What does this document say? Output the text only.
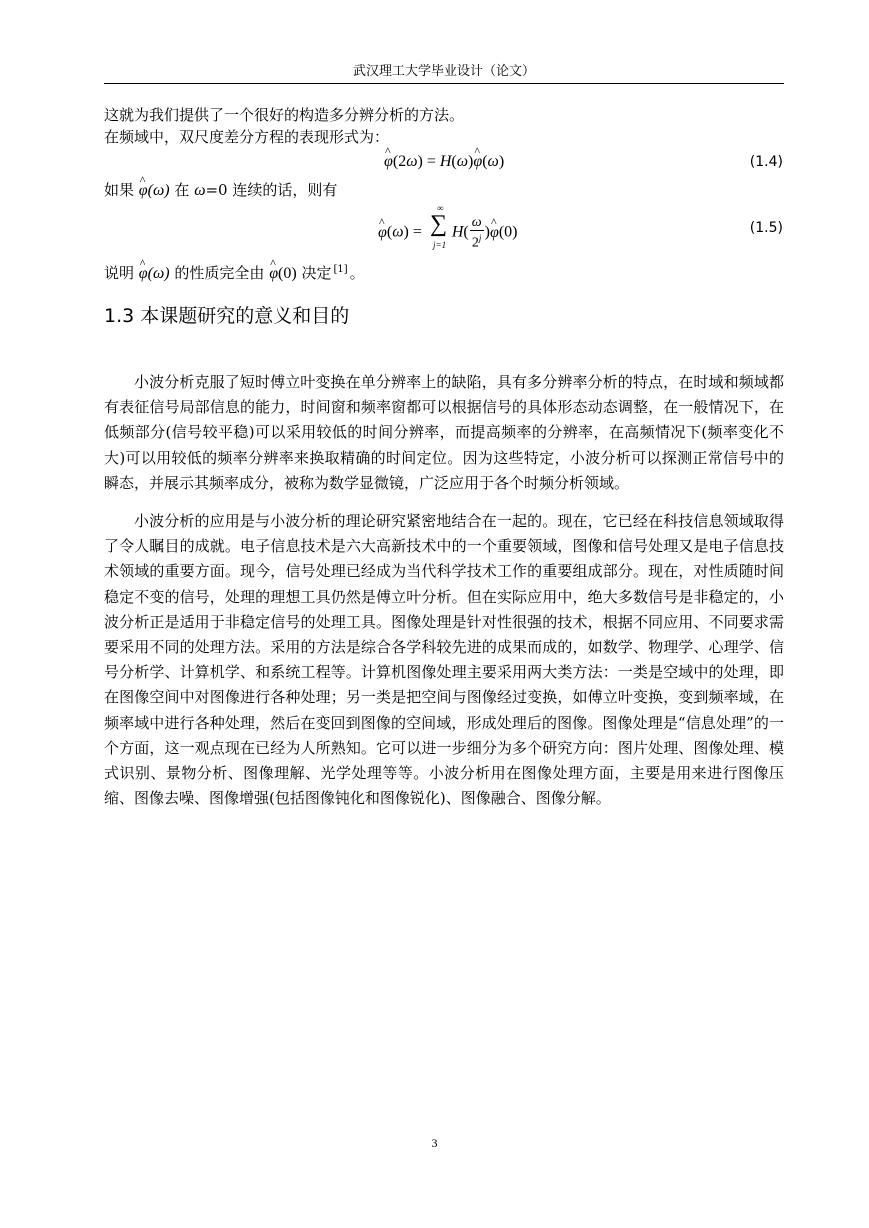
武汉理工大学毕业设计（论文）
这就为我们提供了一个很好的构造多分辨分析的方法。
在频域中，双尺度差分方程的表现形式为：
^ φ(2ω) = H(ω)^ φ(ω)	(1.4)
如果 ^ φ(ω) 在 ω=0 连续的话，则有
^ $\varphi(\omega) = H( \frac{\omega}{2^j}$ )^ φ(0)
∑
∞
j=1
(1.5)
说明 ^ φ(ω) 的性质完全由 ^ φ(0) 决定 [1] 。
1.3 本课题研究的意义和目的

小波分析克服了短时傅立叶变换在单分辨率上的缺陷，具有多分辨率分析的特点，在时域和频域都有表征信号局部信息的能力，时间窗和频率窗都可以根据信号的具体形态动态调整，在一般情况下，在低频部分(信号较平稳)可以采用较低的时间分辨率，而提高频率的分辨率，在高频情况下(频率变化不大)可以用较低的频率分辨率来换取精确的时间定位。因为这些特定，小波分析可以探测正常信号中的瞬态，并展示其频率成分，被称为数学显微镜，广泛应用于各个时频分析领域。

小波分析的应用是与小波分析的理论研究紧密地结合在一起的。现在，它已经在科技信息领域取得了令人瞩目的成就。电子信息技术是六大高新技术中的一个重要领域，图像和信号处理又是电子信息技术领域的重要方面。现今，信号处理已经成为当代科学技术工作的重要组成部分。现在，对性质随时间稳定不变的信号，处理的理想工具仍然是傅立叶分析。但在实际应用中，绝大多数信号是非稳定的，小波分析正是适用于非稳定信号的处理工具。图像处理是针对性很强的技术，根据不同应用、不同要求需要采用不同的处理方法。采用的方法是综合各学科较先进的成果而成的，如数学、物理学、心理学、信号分析学、计算机学、和系统工程等。计算机图像处理主要采用两大类方法：一类是空域中的处理，即在图像空间中对图像进行各种处理；另一类是把空间与图像经过变换，如傅立叶变换，变到频率域，在频率域中进行各种处理，然后在变回到图像的空间域，形成处理后的图像。图像处理是“信息处理”的一个方面，这一观点现在已经为人所熟知。它可以进一步细分为多个研究方向：图片处理、图像处理、模式识别、景物分析、图像理解、光学处理等等。小波分析用在图像处理方面，主要是用来进行图像压缩、图像去噪、图像增强(包括图像钝化和图像锐化)、图像融合、图像分解。

3
